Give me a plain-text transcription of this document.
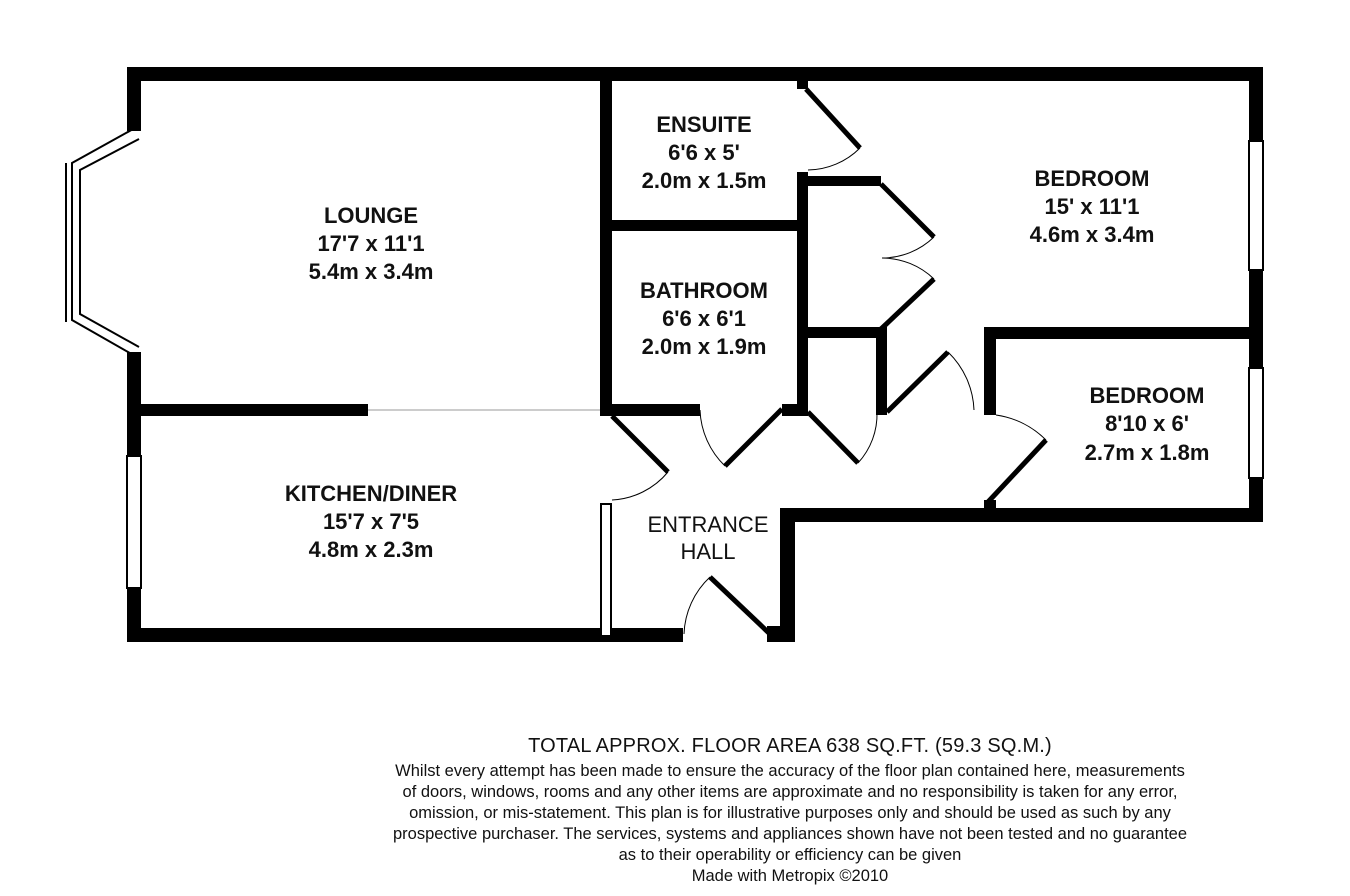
LOUNGE
17'7 x 11'1
5.4m x 3.4m
KITCHEN/DINER
15'7 x 7'5
4.8m x 2.3m
ENSUITE
6'6 x 5'
2.0m x 1.5m
BATHROOM
6'6 x 6'1
2.0m x 1.9m
BEDROOM
15' x 11'1
4.6m x 3.4m
BEDROOM
8'10 x 6'
2.7m x 1.8m
ENTRANCE
HALL
TOTAL APPROX. FLOOR AREA 638 SQ.FT. (59.3 SQ.M.)
Whilst every attempt has been made to ensure the accuracy of the floor plan contained here, measurements
of doors, windows, rooms and any other items are approximate and no responsibility is taken for any error,
omission, or mis-statement. This plan is for illustrative purposes only and should be used as such by any
prospective purchaser. The services, systems and appliances shown have not been tested and no guarantee
as to their operability or efficiency can be given
Made with Metropix ©2010
